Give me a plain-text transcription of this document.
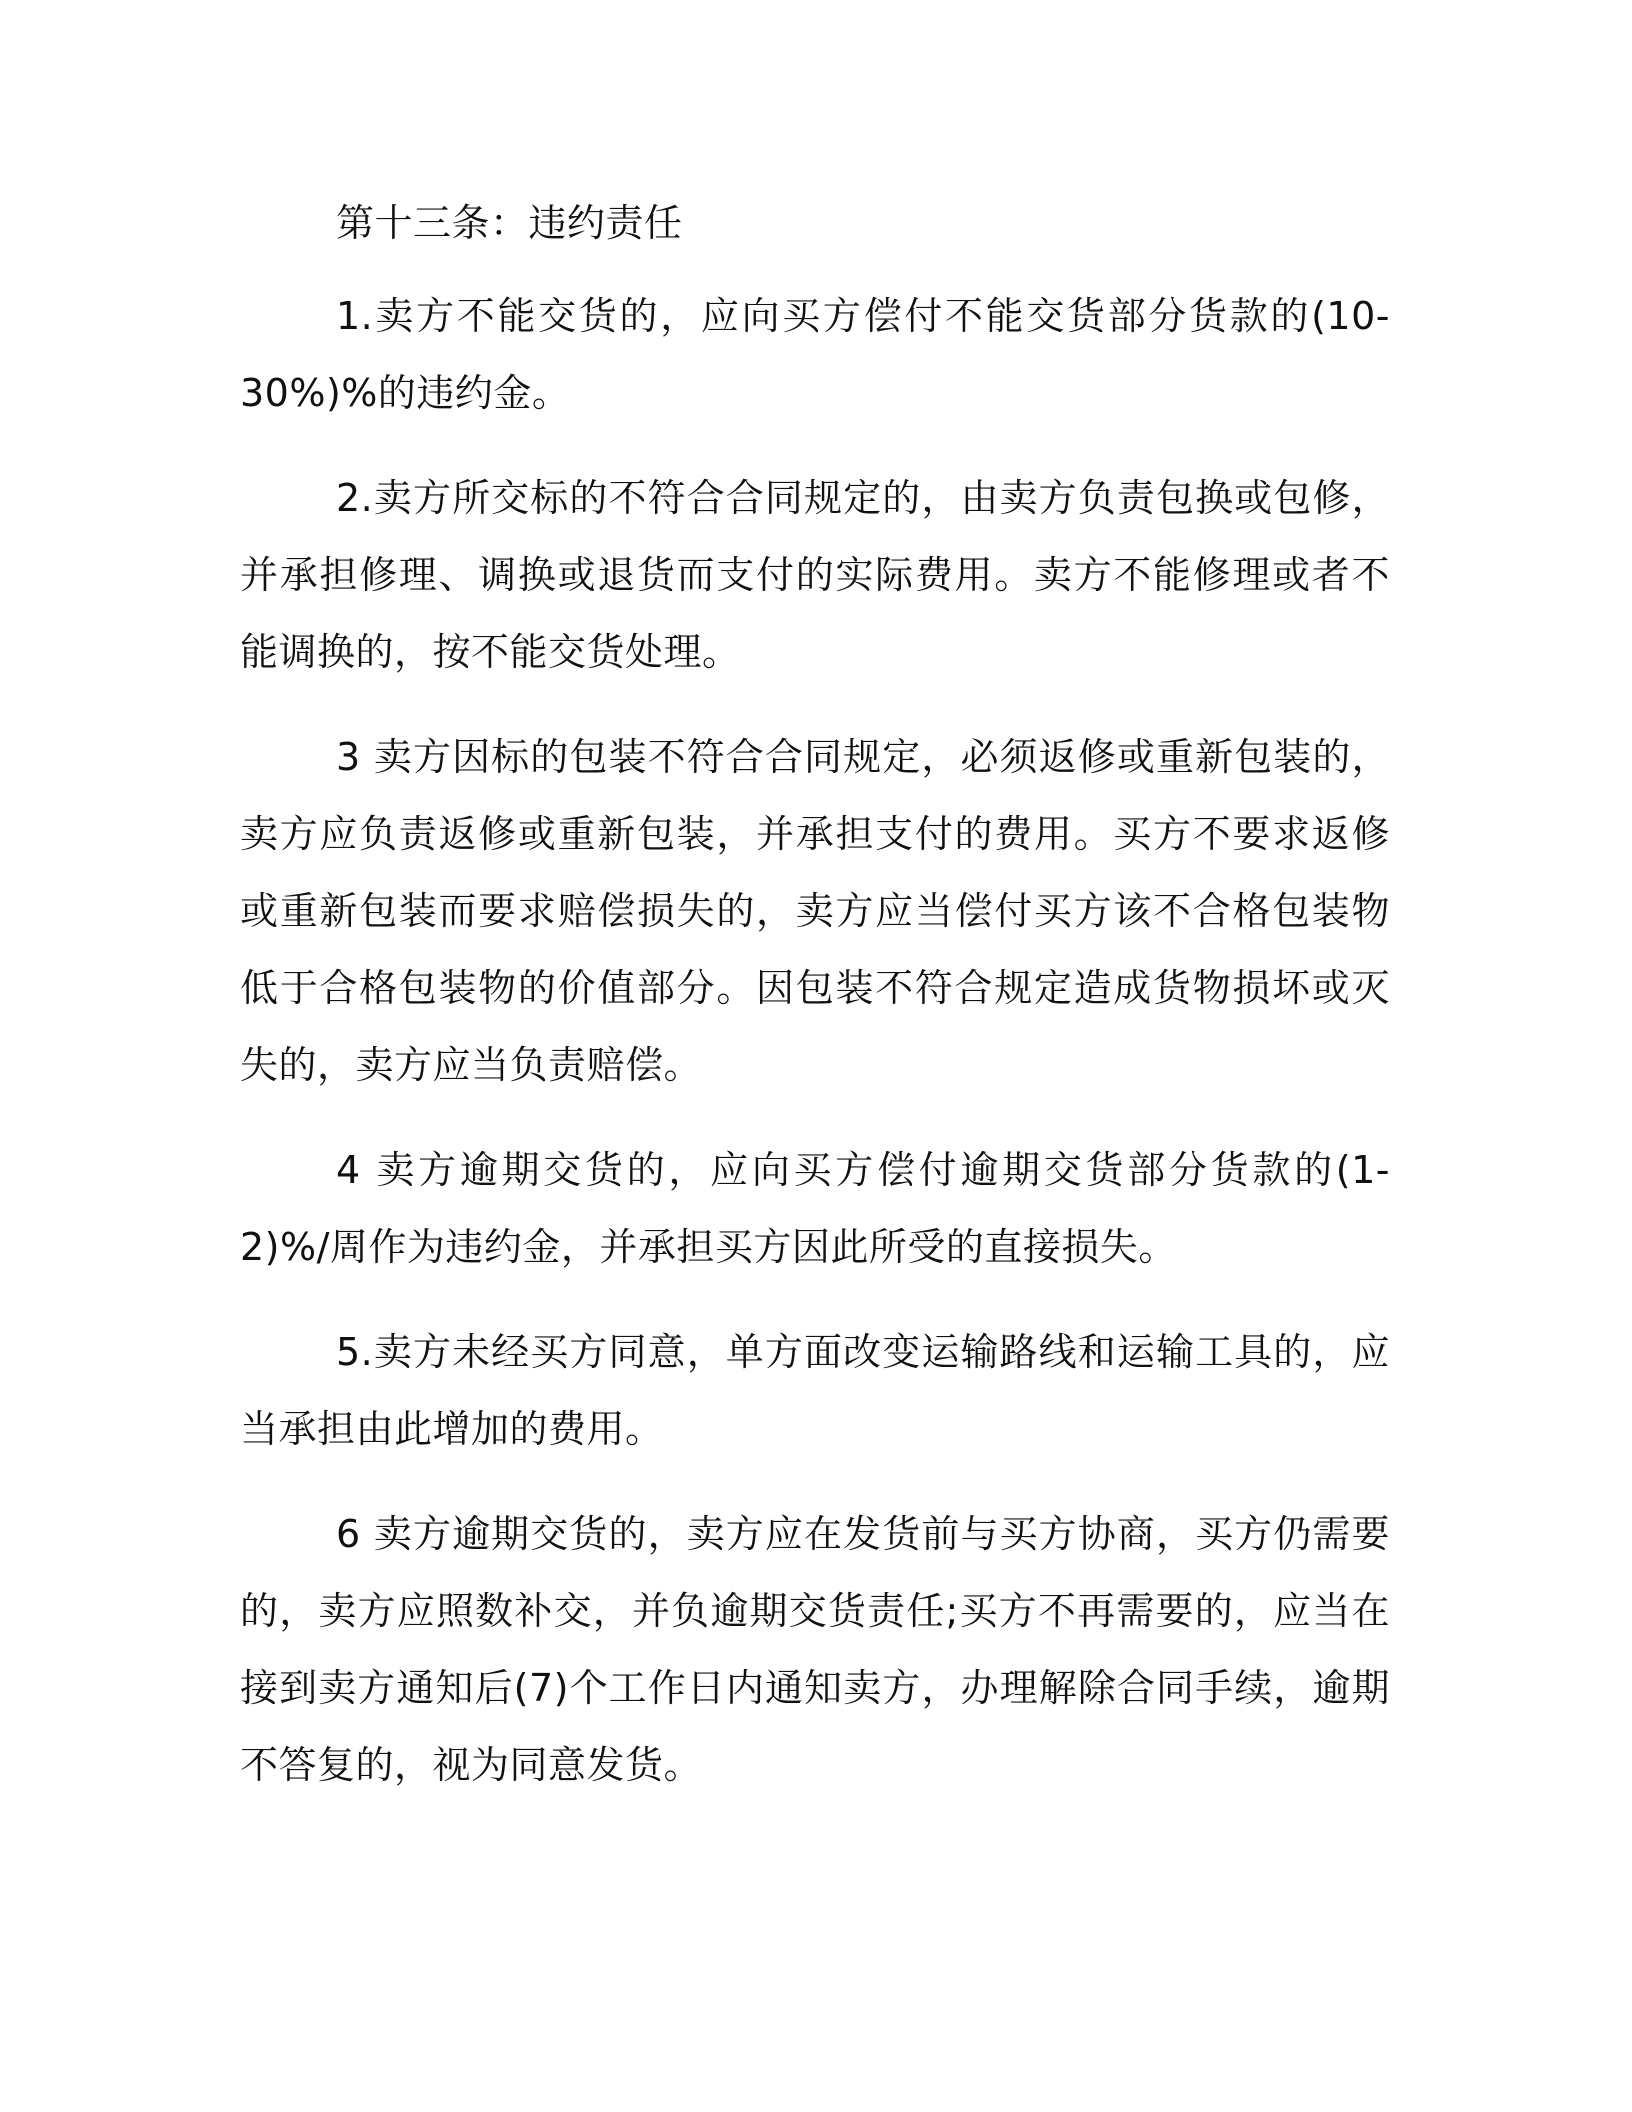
第十三条：违约责任

1.卖方不能交货的，应向买方偿付不能交货部分货款的(10-30%)%的违约金。

2.卖方所交标的不符合合同规定的，由卖方负责包换或包修，并承担修理、调换或退货而支付的实际费用。卖方不能修理或者不能调换的，按不能交货处理。

3 卖方因标的包装不符合合同规定，必须返修或重新包装的，卖方应负责返修或重新包装，并承担支付的费用。买方不要求返修或重新包装而要求赔偿损失的，卖方应当偿付买方该不合格包装物低于合格包装物的价值部分。因包装不符合规定造成货物损坏或灭失的，卖方应当负责赔偿。

4 卖方逾期交货的，应向买方偿付逾期交货部分货款的(1-2)%/周作为违约金，并承担买方因此所受的直接损失。

5.卖方未经买方同意，单方面改变运输路线和运输工具的，应当承担由此增加的费用。

6 卖方逾期交货的，卖方应在发货前与买方协商，买方仍需要的，卖方应照数补交，并负逾期交货责任;买方不再需要的，应当在接到卖方通知后(7)个工作日内通知卖方，办理解除合同手续，逾期不答复的，视为同意发货。
